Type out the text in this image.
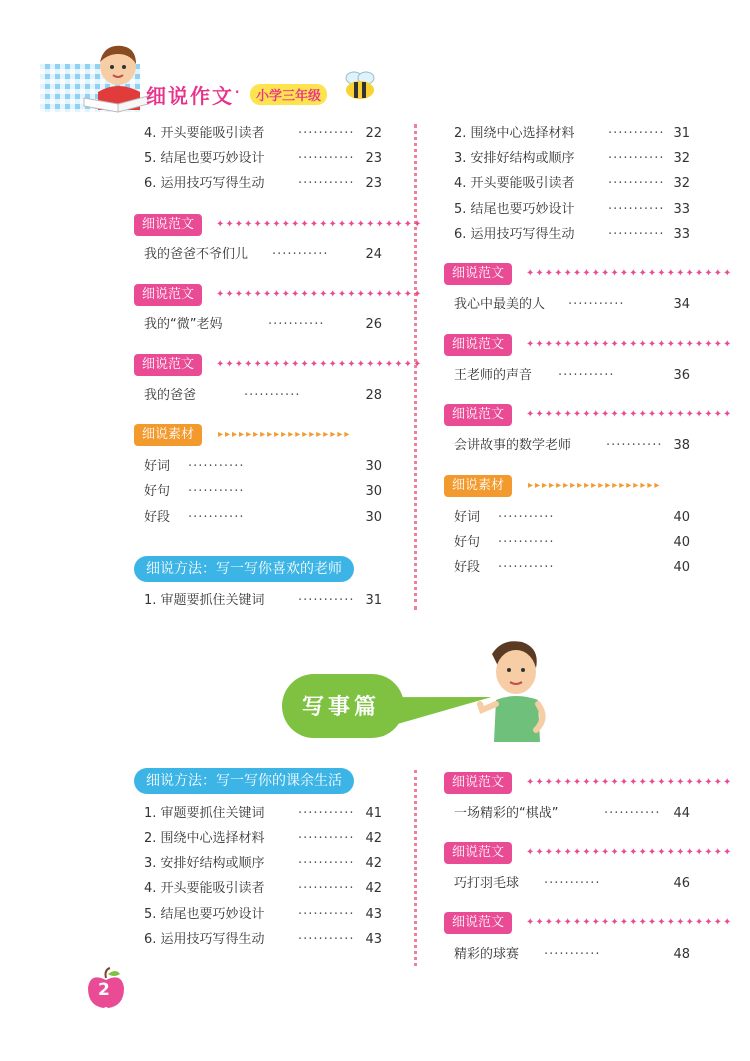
细说作文 ·	小学三年级
4. 开头要能吸引读者	··········· 22
5. 结尾也要巧妙设计	··········· 23
6. 运用技巧写得生动	··········· 23
细说范文	✦✦✦✦✦✦✦✦✦✦✦✦✦✦✦✦✦✦✦✦✦✦
我的爸爸不爷们儿 ···········	24
细说范文	✦✦✦✦✦✦✦✦✦✦✦✦✦✦✦✦✦✦✦✦✦✦
我的“微”老妈	···········	26
细说范文	✦✦✦✦✦✦✦✦✦✦✦✦✦✦✦✦✦✦✦✦✦✦
我的爸爸	···········	28
细说素材	▸▸▸▸▸▸▸▸▸▸▸▸▸▸▸▸▸▸▸
好词 ···········	30
好句 ···········	30
好段 ···········	30
细说方法：写一写你喜欢的老师
1. 审题要抓住关键词	··········· 31
2. 围绕中心选择材料	··········· 31
3. 安排好结构或顺序	··········· 32
4. 开头要能吸引读者	··········· 32
5. 结尾也要巧妙设计	··········· 33
6. 运用技巧写得生动	··········· 33
细说范文	✦✦✦✦✦✦✦✦✦✦✦✦✦✦✦✦✦✦✦✦✦✦
我心中最美的人 ···········	34
细说范文	✦✦✦✦✦✦✦✦✦✦✦✦✦✦✦✦✦✦✦✦✦✦
王老师的声音 ···········	36
细说范文	✦✦✦✦✦✦✦✦✦✦✦✦✦✦✦✦✦✦✦✦✦✦
会讲故事的数学老师	··········· 38
细说素材	▸▸▸▸▸▸▸▸▸▸▸▸▸▸▸▸▸▸▸
好词 ···········	40
好句 ···········	40
好段 ···········	40
写事篇
细说方法：写一写你的课余生活
1. 审题要抓住关键词	··········· 41
2. 围绕中心选择材料	··········· 42
3. 安排好结构或顺序	··········· 42
4. 开头要能吸引读者	··········· 42
5. 结尾也要巧妙设计	··········· 43
6. 运用技巧写得生动	··········· 43
细说范文	✦✦✦✦✦✦✦✦✦✦✦✦✦✦✦✦✦✦✦✦✦✦
一场精彩的“棋战”	··········· 44
细说范文	✦✦✦✦✦✦✦✦✦✦✦✦✦✦✦✦✦✦✦✦✦✦
巧打羽毛球 ···········	46
细说范文	✦✦✦✦✦✦✦✦✦✦✦✦✦✦✦✦✦✦✦✦✦✦
精彩的球赛 ···········	48
2
